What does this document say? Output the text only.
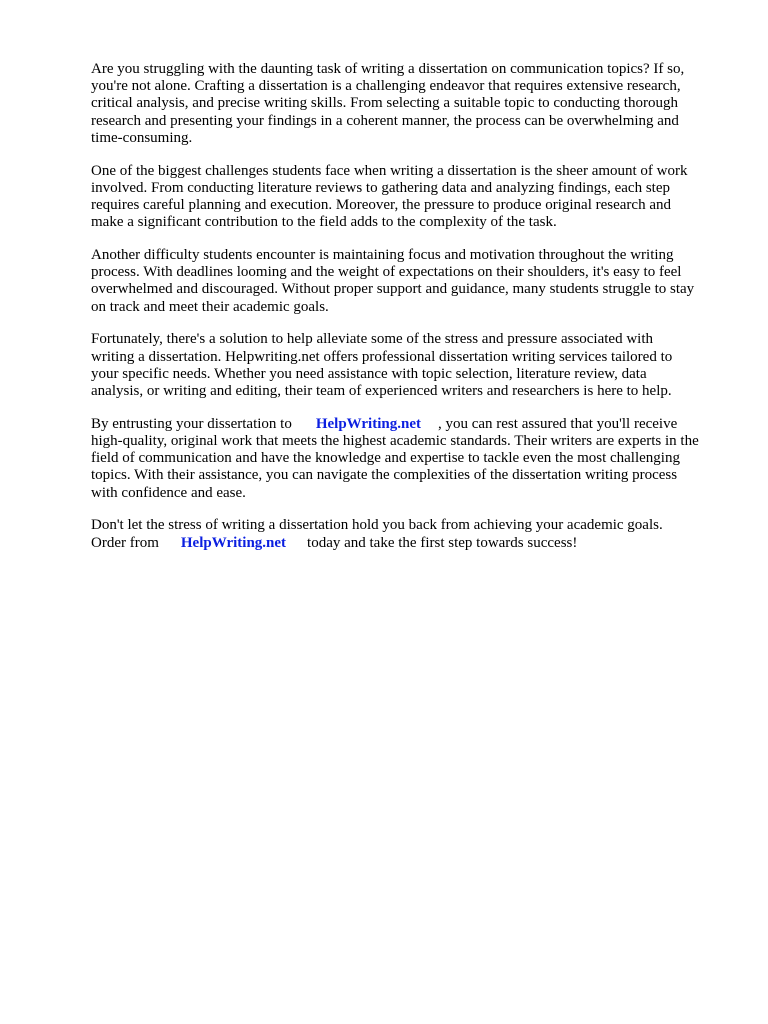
Are you struggling with the daunting task of writing a dissertation on communication topics? If so,
you're not alone. Crafting a dissertation is a challenging endeavor that requires extensive research,
critical analysis, and precise writing skills. From selecting a suitable topic to conducting thorough
research and presenting your findings in a coherent manner, the process can be overwhelming and
time-consuming.

One of the biggest challenges students face when writing a dissertation is the sheer amount of work
involved. From conducting literature reviews to gathering data and analyzing findings, each step
requires careful planning and execution. Moreover, the pressure to produce original research and
make a significant contribution to the field adds to the complexity of the task.

Another difficulty students encounter is maintaining focus and motivation throughout the writing
process. With deadlines looming and the weight of expectations on their shoulders, it's easy to feel
overwhelmed and discouraged. Without proper support and guidance, many students struggle to stay
on track and meet their academic goals.

Fortunately, there's a solution to help alleviate some of the stress and pressure associated with
writing a dissertation. Helpwriting.net offers professional dissertation writing services tailored to
your specific needs. Whether you need assistance with topic selection, literature review, data
analysis, or writing and editing, their team of experienced writers and researchers is here to help.

By entrusting your dissertation to HelpWriting.net , you can rest assured that you'll receive
high-quality, original work that meets the highest academic standards. Their writers are experts in the
field of communication and have the knowledge and expertise to tackle even the most challenging
topics. With their assistance, you can navigate the complexities of the dissertation writing process
with confidence and ease.

Don't let the stress of writing a dissertation hold you back from achieving your academic goals.
Order from HelpWriting.net today and take the first step towards success!
